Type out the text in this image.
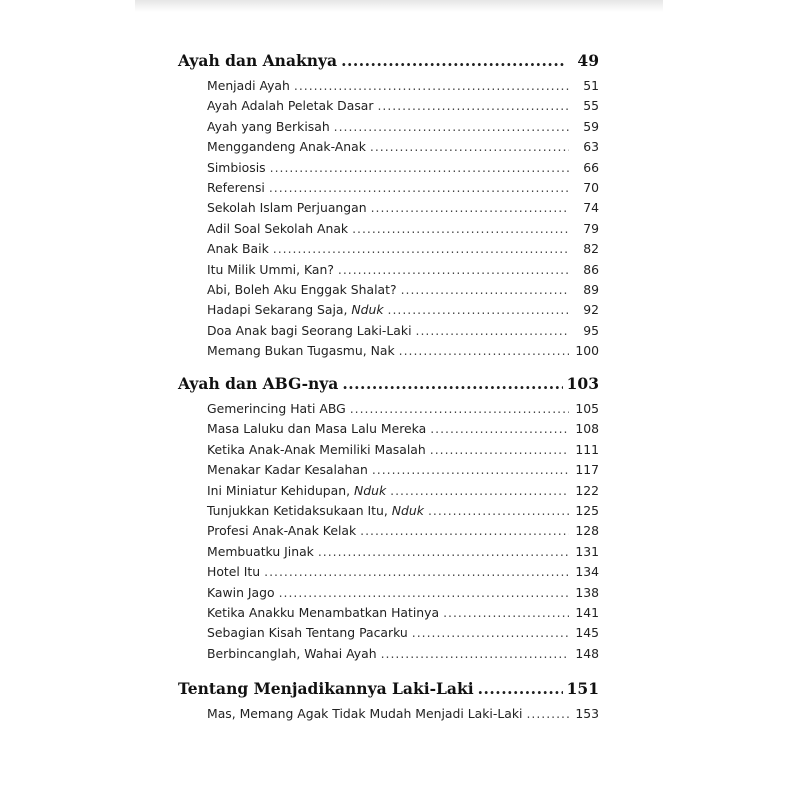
Ayah dan Anaknya .....	49
Menjadi Ayah .....	51
Ayah Adalah Peletak Dasar .....	55
Ayah yang Berkisah .....	59
Menggandeng Anak-Anak .....	63
Simbiosis .....	66
Referensi .....	70
Sekolah Islam Perjuangan .....	74
Adil Soal Sekolah Anak .....	79
Anak Baik .....	82
Itu Milik Ummi, Kan? .....	86
Abi, Boleh Aku Enggak Shalat? .....	89
Hadapi Sekarang Saja, Nduk .....	92
Doa Anak bagi Seorang Laki-Laki .....	95
Memang Bukan Tugasmu, Nak .....	100
Ayah dan ABG-nya .....	103
Gemerincing Hati ABG .....	105
Masa Laluku dan Masa Lalu Mereka .....	108
Ketika Anak-Anak Memiliki Masalah .....	111
Menakar Kadar Kesalahan .....	117
Ini Miniatur Kehidupan, Nduk .....	122
Tunjukkan Ketidaksukaan Itu, Nduk .....	125
Profesi Anak-Anak Kelak .....	128
Membuatku Jinak .....	131
Hotel Itu .....	134
Kawin Jago .....	138
Ketika Anakku Menambatkan Hatinya .....	141
Sebagian Kisah Tentang Pacarku .....	145
Berbincanglah, Wahai Ayah .....	148
Tentang Menjadikannya Laki-Laki .....	151
Mas, Memang Agak Tidak Mudah Menjadi Laki-Laki .....	153
